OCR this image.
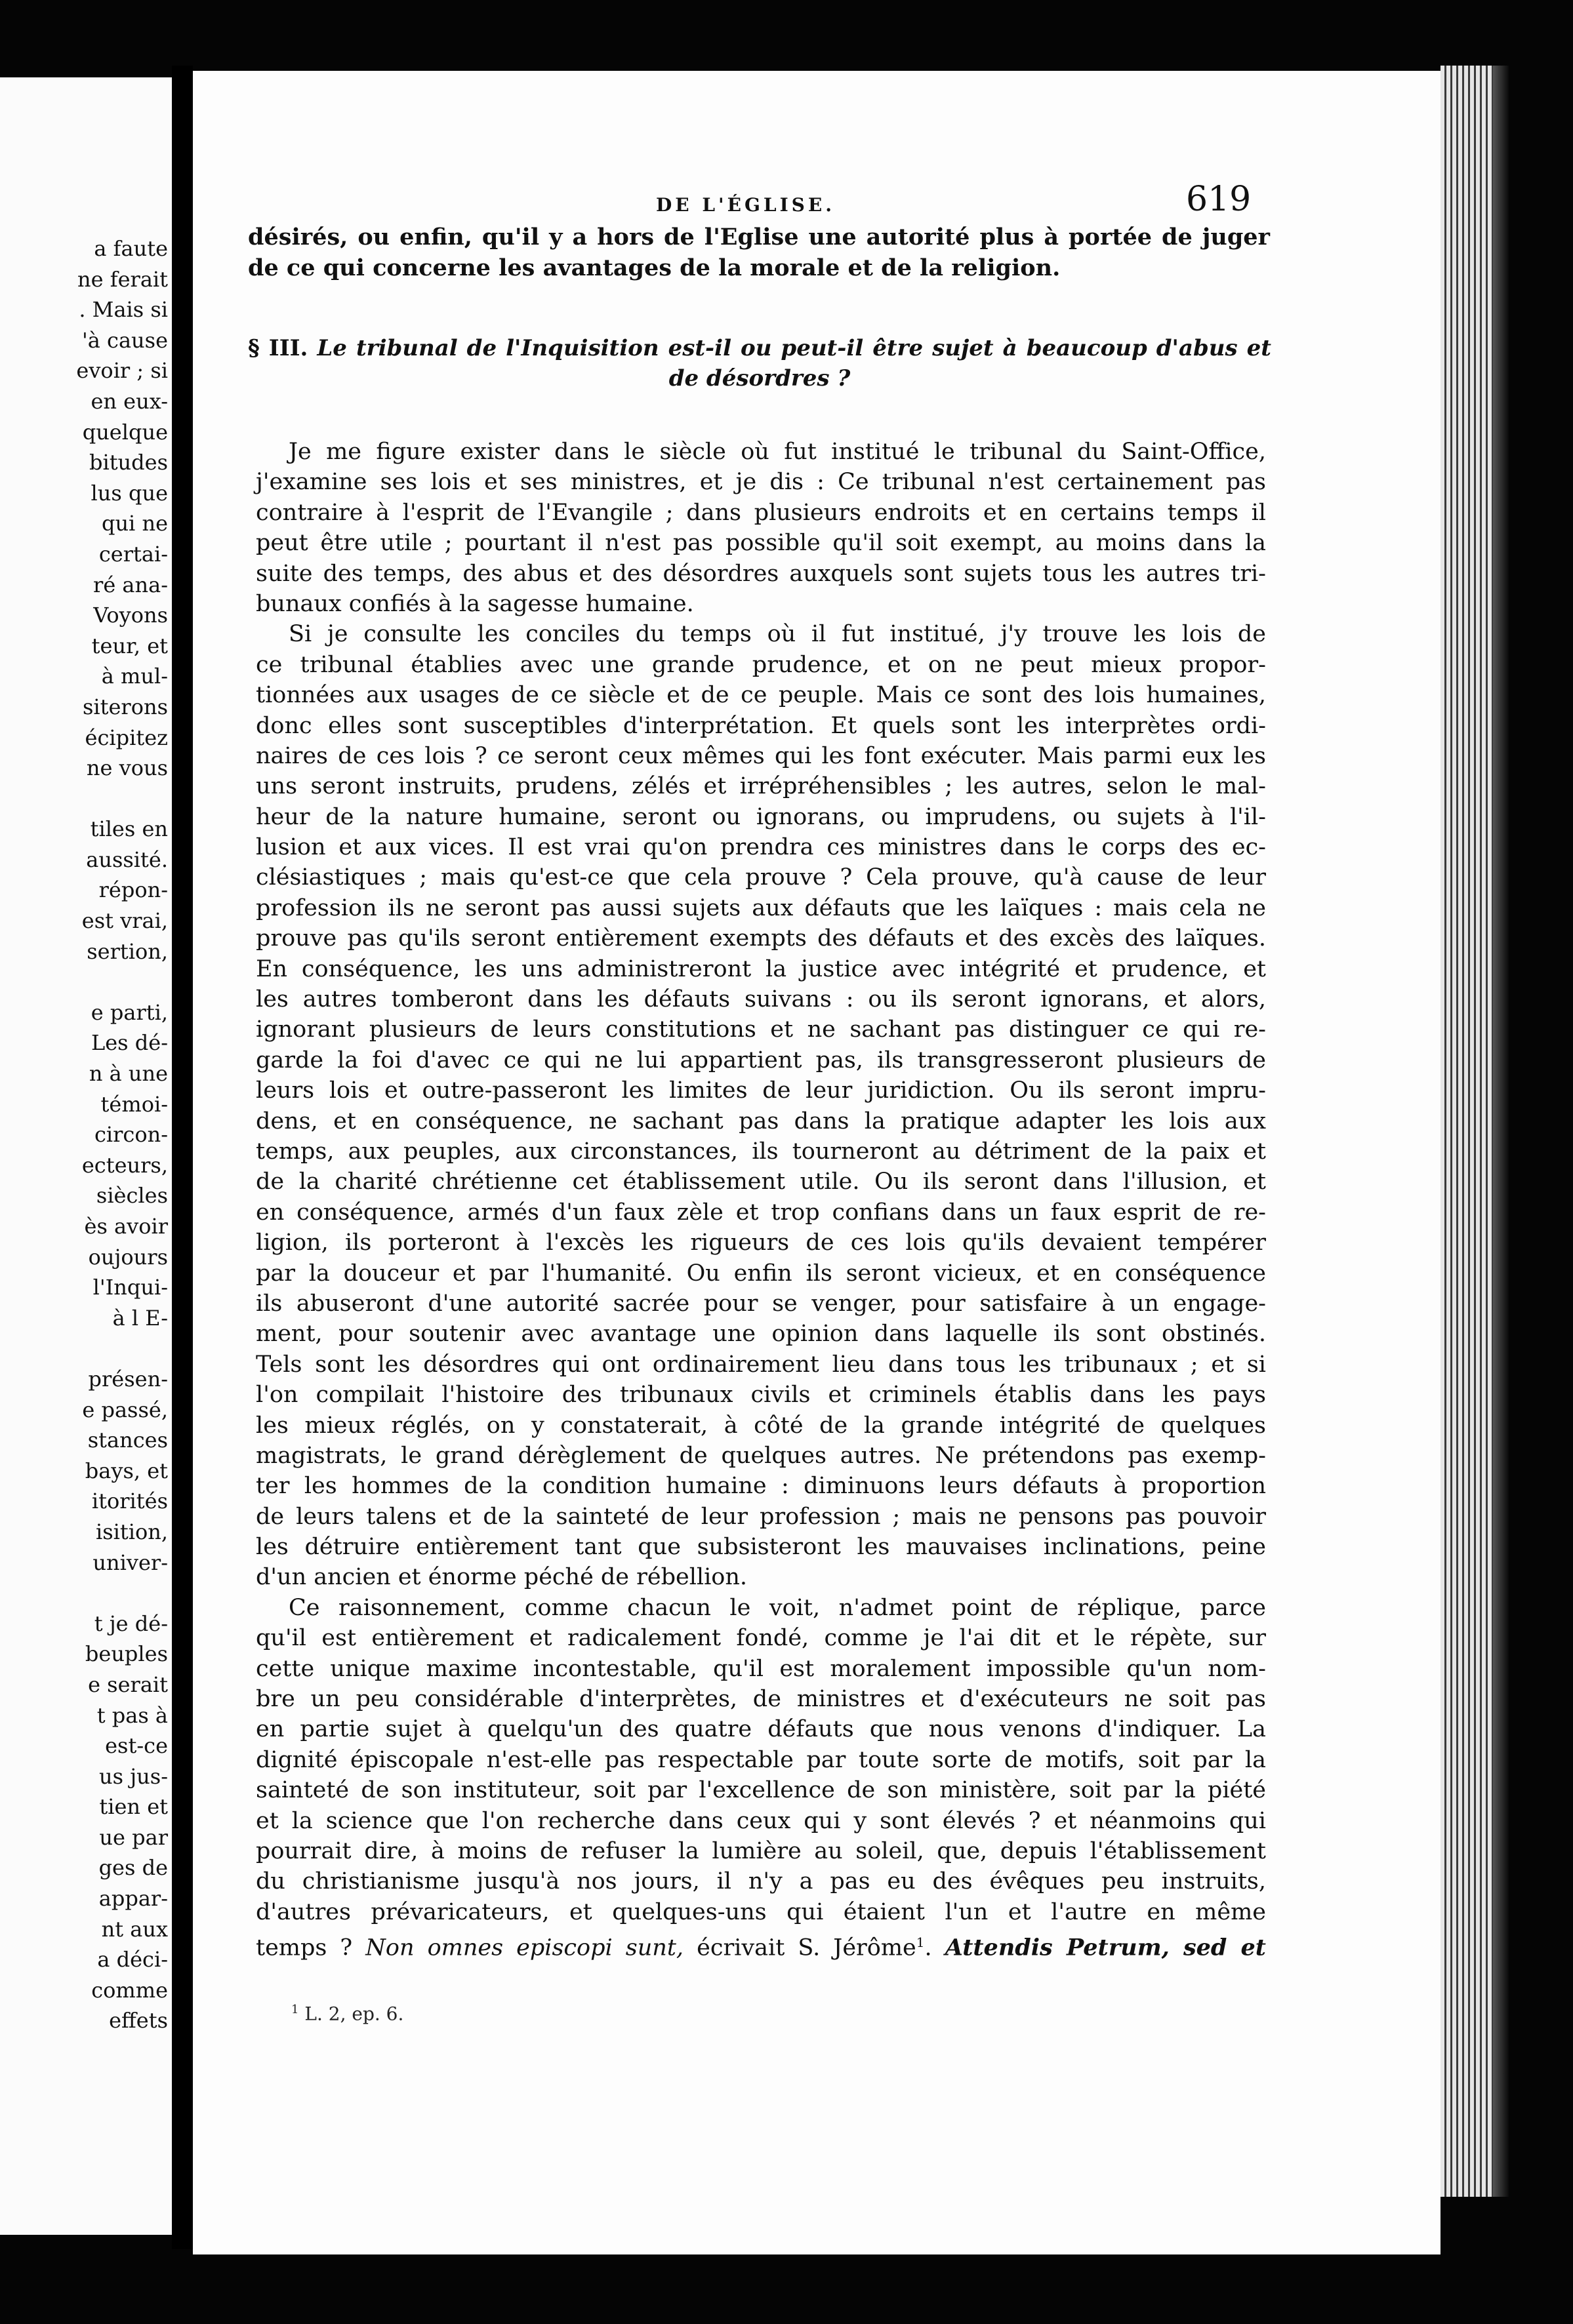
a faute
ne ferait
. Mais si
'à cause
evoir ; si
en eux-
quelque
bitudes
lus que
qui ne
certai-
ré ana-
Voyons
teur, et
à mul-
siterons
écipitez
ne vous
tiles en
aussité.
répon-
est vrai,
sertion,
e parti,
Les dé-
n à une
témoi-
circon-
ecteurs,
siècles
ès avoir
oujours
l'Inqui-
à l E-
présen-
e passé,
stances
bays, et
itorités
isition,
univer-
t je dé-
beuples
e serait
t pas à
est-ce
us jus-
tien et
ue par
ges de
appar-
nt aux
a déci-
comme
effets
DE L'ÉGLISE.	619
désirés, ou enfin, qu'il y a hors de l'Eglise une autorité plus à portée de juger
de ce qui concerne les avantages de la morale et de la religion.
§ III. Le tribunal de l'Inquisition est-il ou peut-il être sujet à beaucoup d'abus et
de désordres ?
Je me figure exister dans le siècle où fut institué le tribunal du Saint-Office,
j'examine ses lois et ses ministres, et je dis : Ce tribunal n'est certainement pas
contraire à l'esprit de l'Evangile ; dans plusieurs endroits et en certains temps il
peut être utile ; pourtant il n'est pas possible qu'il soit exempt, au moins dans la
suite des temps, des abus et des désordres auxquels sont sujets tous les autres tri-
bunaux confiés à la sagesse humaine.
Si je consulte les conciles du temps où il fut institué, j'y trouve les lois de
ce tribunal établies avec une grande prudence, et on ne peut mieux propor-
tionnées aux usages de ce siècle et de ce peuple. Mais ce sont des lois humaines,
donc elles sont susceptibles d'interprétation. Et quels sont les interprètes ordi-
naires de ces lois ? ce seront ceux mêmes qui les font exécuter. Mais parmi eux les
uns seront instruits, prudens, zélés et irrépréhensibles ; les autres, selon le mal-
heur de la nature humaine, seront ou ignorans, ou imprudens, ou sujets à l'il-
lusion et aux vices. Il est vrai qu'on prendra ces ministres dans le corps des ec-
clésiastiques ; mais qu'est-ce que cela prouve ? Cela prouve, qu'à cause de leur
profession ils ne seront pas aussi sujets aux défauts que les laïques : mais cela ne
prouve pas qu'ils seront entièrement exempts des défauts et des excès des laïques.
En conséquence, les uns administreront la justice avec intégrité et prudence, et
les autres tomberont dans les défauts suivans : ou ils seront ignorans, et alors,
ignorant plusieurs de leurs constitutions et ne sachant pas distinguer ce qui re-
garde la foi d'avec ce qui ne lui appartient pas, ils transgresseront plusieurs de
leurs lois et outre-passeront les limites de leur juridiction. Ou ils seront impru-
dens, et en conséquence, ne sachant pas dans la pratique adapter les lois aux
temps, aux peuples, aux circonstances, ils tourneront au détriment de la paix et
de la charité chrétienne cet établissement utile. Ou ils seront dans l'illusion, et
en conséquence, armés d'un faux zèle et trop confians dans un faux esprit de re-
ligion, ils porteront à l'excès les rigueurs de ces lois qu'ils devaient tempérer
par la douceur et par l'humanité. Ou enfin ils seront vicieux, et en conséquence
ils abuseront d'une autorité sacrée pour se venger, pour satisfaire à un engage-
ment, pour soutenir avec avantage une opinion dans laquelle ils sont obstinés.
Tels sont les désordres qui ont ordinairement lieu dans tous les tribunaux ; et si
l'on compilait l'histoire des tribunaux civils et criminels établis dans les pays
les mieux réglés, on y constaterait, à côté de la grande intégrité de quelques
magistrats, le grand dérèglement de quelques autres. Ne prétendons pas exemp-
ter les hommes de la condition humaine : diminuons leurs défauts à proportion
de leurs talens et de la sainteté de leur profession ; mais ne pensons pas pouvoir
les détruire entièrement tant que subsisteront les mauvaises inclinations, peine
d'un ancien et énorme péché de rébellion.
Ce raisonnement, comme chacun le voit, n'admet point de réplique, parce
qu'il est entièrement et radicalement fondé, comme je l'ai dit et le répète, sur
cette unique maxime incontestable, qu'il est moralement impossible qu'un nom-
bre un peu considérable d'interprètes, de ministres et d'exécuteurs ne soit pas
en partie sujet à quelqu'un des quatre défauts que nous venons d'indiquer. La
dignité épiscopale n'est-elle pas respectable par toute sorte de motifs, soit par la
sainteté de son instituteur, soit par l'excellence de son ministère, soit par la piété
et la science que l'on recherche dans ceux qui y sont élevés ? et néanmoins qui
pourrait dire, à moins de refuser la lumière au soleil, que, depuis l'établissement
du christianisme jusqu'à nos jours, il n'y a pas eu des évêques peu instruits,
d'autres prévaricateurs, et quelques-uns qui étaient l'un et l'autre en même
temps ? Non omnes episcopi sunt, écrivait S. Jérôme$^1$. Attendis Petrum, sed et
$^1$ L. 2, ep. 6.
